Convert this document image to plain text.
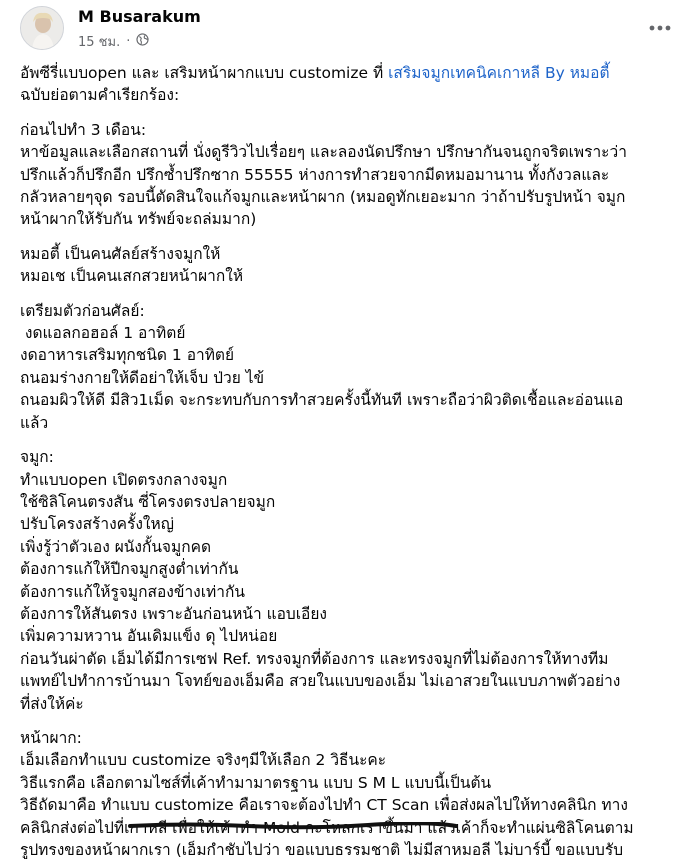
M Busarakum
15 ชม. ·
อัพซีรี่แบบopen และ เสริมหน้าผากแบบ customize ที่ เสริมจมูกเทคนิคเกาหลี By หมอตี้
ฉบับย่อตามคำเรียกร้อง:
ก่อนไปทำ 3 เดือน:
หาข้อมูลและเลือกสถานที่ นั่งดูรีวิวไปเรื่อยๆ และลองนัดปรึกษา ปรึกษากันจนถูกจริตเพราะว่า
ปรึกแล้วก็ปรึกอีก ปรึกซ้ำปรึกซาก 55555 ห่างการทำสวยจากมีดหมอมานาน ทั้งกังวลและ
กลัวหลายๆจุด รอบนี้ตัดสินใจแก้จมูกและหน้าผาก (หมอดูทักเยอะมาก ว่าถ้าปรับรูปหน้า จมูก
หน้าผากให้รับกัน ทรัพย์จะถล่มมาก)
หมอตี้ เป็นคนศัลย์สร้างจมูกให้
หมอเช เป็นคนเสกสวยหน้าผากให้
เตรียมตัวก่อนศัลย์:
งดแอลกอฮอล์ 1 อาทิตย์
งดอาหารเสริมทุกชนิด 1 อาทิตย์
ถนอมร่างกายให้ดีอย่าให้เจ็บ ป่วย ไข้
ถนอมผิวให้ดี มีสิว1เม็ด จะกระทบกับการทำสวยครั้งนี้ทันที เพราะถือว่าผิวติดเชื้อและอ่อนแอ
แล้ว
จมูก:
ทำแบบopen เปิดตรงกลางจมูก
ใช้ซิลิโคนตรงสัน ซี่โครงตรงปลายจมูก
ปรับโครงสร้างครั้งใหญ่
เพิ่งรู้ว่าตัวเอง ผนังกั้นจมูกคด
ต้องการแก้ให้ปีกจมูกสูงต่ำเท่ากัน
ต้องการแก้ให้รูจมูกสองข้างเท่ากัน
ต้องการให้สันตรง เพราะอันก่อนหน้า แอบเอียง
เพิ่มความหวาน อันเดิมแข็ง ดุ ไปหน่อย
ก่อนวันผ่าตัด เอ็มได้มีการเซฟ Ref. ทรงจมูกที่ต้องการ และทรงจมูกที่ไม่ต้องการให้ทางทีม
แพทย์ไปทำการบ้านมา โจทย์ของเอ็มคือ สวยในแบบของเอ็ม ไม่เอาสวยในแบบภาพตัวอย่าง
ที่ส่งให้ค่ะ
หน้าผาก:
เอ็มเลือกทำแบบ customize จริงๆมีให้เลือก 2 วิธีนะคะ
วิธีแรกคือ เลือกตามไซส์ที่เค้าทำมามาตรฐาน แบบ S M L แบบนี้เป็นต้น
วิธีถัดมาคือ ทำแบบ customize คือเราจะต้องไปทำ CT Scan เพื่อส่งผลไปให้ทางคลินิก ทาง
คลินิกส่งต่อไปที่เกาหลี เพื่อให้เค้าทำ Mold กะโหลกเราขึ้นมา แล้วเค้าก็จะทำแผ่นซิลิโคนตาม
รูปทรงของหน้าผากเรา (เอ็มกำชับไปว่า ขอแบบธรรมชาติ ไม่มีสาหมอลี ไม่บาร์บี้ ขอแบบรับ
